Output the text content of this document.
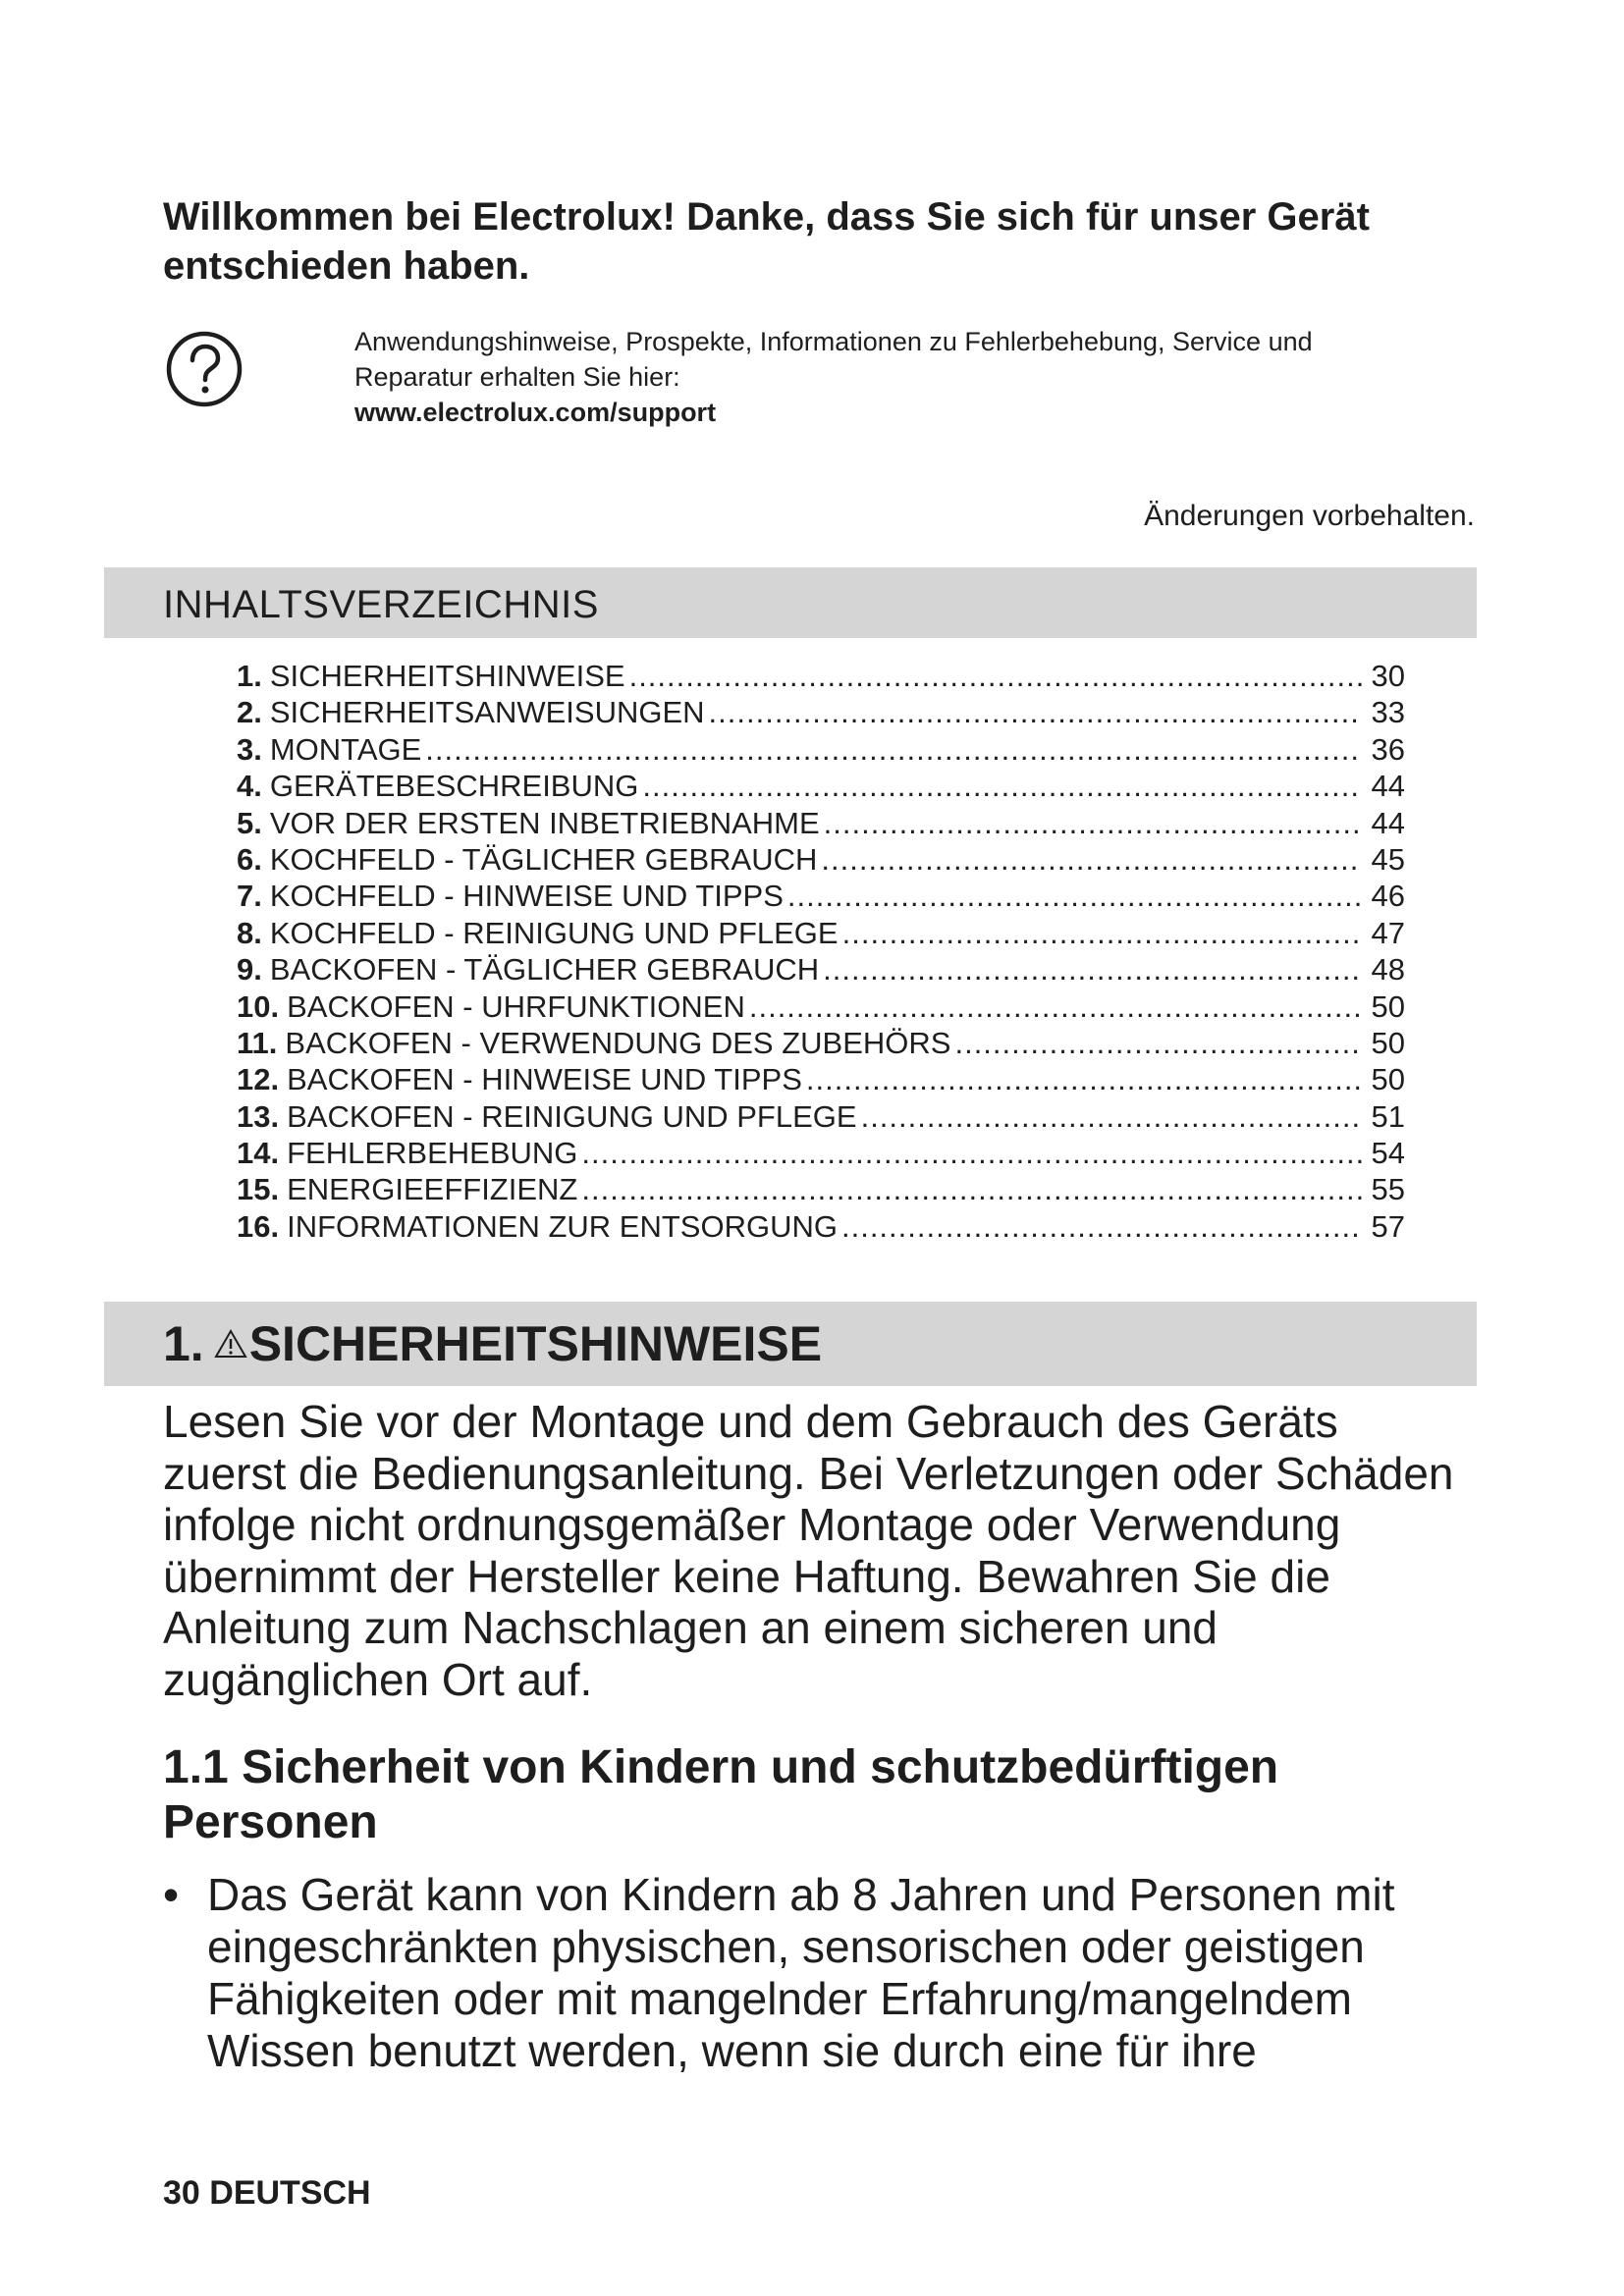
Willkommen bei Electrolux! Danke, dass Sie sich für unser Gerät entschieden haben.
Anwendungshinweise, Prospekte, Informationen zu Fehlerbehebung, Service und
Reparatur erhalten Sie hier:
www.electrolux.com/support
Änderungen vorbehalten.
INHALTSVERZEICHNIS
1. SICHERHEITSHINWEISE .....	30
2. SICHERHEITSANWEISUNGEN .....	33
3. MONTAGE .....	36
4. GERÄTEBESCHREIBUNG .....	44
5. VOR DER ERSTEN INBETRIEBNAHME .....	44
6. KOCHFELD - TÄGLICHER GEBRAUCH .....	45
7. KOCHFELD - HINWEISE UND TIPPS .....	46
8. KOCHFELD - REINIGUNG UND PFLEGE .....	47
9. BACKOFEN - TÄGLICHER GEBRAUCH .....	48
10. BACKOFEN - UHRFUNKTIONEN .....	50
11. BACKOFEN - VERWENDUNG DES ZUBEHÖRS .....	50
12. BACKOFEN - HINWEISE UND TIPPS .....	50
13. BACKOFEN - REINIGUNG UND PFLEGE .....	51
14. FEHLERBEHEBUNG .....	54
15. ENERGIEEFFIZIENZ .....	55
16. INFORMATIONEN ZUR ENTSORGUNG .....	57
1. SICHERHEITSHINWEISE

Lesen Sie vor der Montage und dem Gebrauch des Geräts zuerst die Bedienungsanleitung. Bei Verletzungen oder Schäden infolge nicht ordnungsgemäßer Montage oder Verwendung übernimmt der Hersteller keine Haftung. Bewahren Sie die Anleitung zum Nachschlagen an einem sicheren und zugänglichen Ort auf.

1.1 Sicherheit von Kindern und schutzbedürftigen Personen
• Das Gerät kann von Kindern ab 8 Jahren und Personen mit eingeschränkten physischen, sensorischen oder geistigen Fähigkeiten oder mit mangelnder Erfahrung/mangelndem Wissen benutzt werden, wenn sie durch eine für ihre
30 DEUTSCH
